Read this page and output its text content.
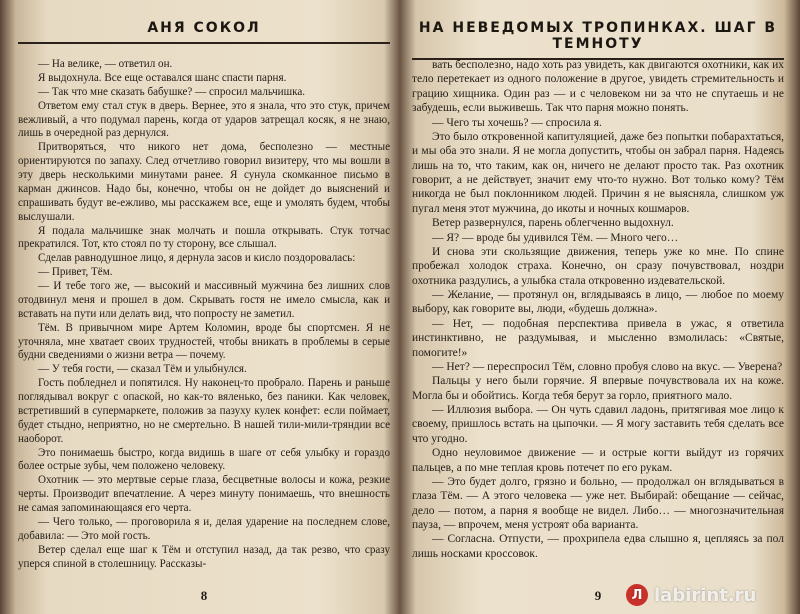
АНЯ СОКОЛ

— На велике, — ответил он.

Я выдохнула. Все еще оставался шанс спасти парня.

— Так что мне сказать бабушке? — спросил мальчишка.

Ответом ему стал стук в дверь. Вернее, это я знала, что это стук, причем вежливый, а что подумал парень, когда от ударов затрещал косяк, я не знаю, лишь в очередной раз дернулся.

Притворяться, что никого нет дома, бесполезно — местные ориентируются по запаху. След отчетливо говорил визитеру, что мы вошли в эту дверь несколькими минутами ранее. Я сунула скомканное письмо в карман джинсов. Надо бы, конечно, чтобы он не дойдет до выяснений и спрашивать будут ве-ежливо, мы расскажем все, еще и умолять будем, чтобы выслушали.

Я подала мальчишке знак молчать и пошла открывать. Стук тотчас прекратился. Тот, кто стоял по ту сторону, все слышал.

Сделав равнодушное лицо, я дернула засов и кисло поздоровалась:

— Привет, Тём.

— И тебе того же, — высокий и массивный мужчина без лишних слов отодвинул меня и прошел в дом. Скрывать гостя не имело смысла, как и вставать на пути или делать вид, что попросту не заметил.

Тём. В привычном мире Артем Коломин, вроде бы спортсмен. Я не уточняла, мне хватает своих трудностей, чтобы вникать в проблемы в серые будни сведениями о жизни ветра — почему.

— У тебя гости, — сказал Тём и улыбнулся.

Гость побледнел и попятился. Ну наконец-то пробрало. Парень и раньше поглядывал вокруг с опаской, но как-то вяленько, без паники. Как человек, встретивший в супермаркете, положив за пазуху кулек конфет: если поймает, будет стыдно, неприятно, но не смертельно. В нашей тили-мили-тряндии все наоборот.

Это понимаешь быстро, когда видишь в шаге от себя улыбку и гораздо более острые зубы, чем положено человеку.

Охотник — это мертвые серые глаза, бесцветные волосы и кожа, резкие черты. Производит впечатление. А через минуту понимаешь, что внешность не самая запоминающаяся его черта.

— Чего только, — проговорила я и, делая ударение на последнем слове, добавила: — Это мой гость.

Ветер сделал еще шаг к Тём и отступил назад, да так резво, что сразу уперся спиной в столешницу. Рассказы-

8
НА НЕВЕДОМЫХ ТРОПИНКАХ. ШАГ В ТЕМНОТУ

вать бесполезно, надо хоть раз увидеть, как двигаются охотники, как их тело перетекает из одного положение в другое, увидеть стремительность и грацию хищника. Один раз — и с человеком ни за что не спутаешь и не забудешь, если выживешь. Так что парня можно понять.

— Чего ты хочешь? — спросила я.

Это было откровенной капитуляцией, даже без попытки побарахтаться, и мы оба это знали. Я не могла допустить, чтобы он забрал парня. Надеясь лишь на то, что таким, как он, ничего не делают просто так. Раз охотник говорит, а не действует, значит ему что-то нужно. Вот только кому? Тём никогда не был поклонником людей. Причин я не выясняла, слишком уж пугал меня этот мужчина, до икоты и ночных кошмаров.

Ветер развернулся, парень облегченно выдохнул.

— Я? — вроде бы удивился Тём. — Много чего…

И снова эти скользящие движения, теперь уже ко мне. По спине пробежал холодок страха. Конечно, он сразу почувствовал, ноздри охотника раздулись, а улыбка стала откровенно издевательской.

— Желание, — протянул он, вглядываясь в лицо, — любое по моему выбору, как говорите вы, люди, «будешь должна».

— Нет, — подобная перспектива привела в ужас, я ответила инстинктивно, не раздумывая, и мысленно взмолилась: «Святые, помогите!»

— Нет? — переспросил Тём, словно пробуя слово на вкус. — Уверена?

Пальцы у него были горячие. Я впервые почувствовала их на коже. Могла бы и обойтись. Когда тебя берут за горло, приятного мало.

— Иллюзия выбора. — Он чуть сдавил ладонь, притягивая мое лицо к своему, пришлось встать на цыпочки. — Я могу заставить тебя сделать все что угодно.

Одно неуловимое движение — и острые когти выйдут из горячих пальцев, а по мне теплая кровь потечет по его рукам.

— Это будет долго, грязно и больно, — продолжал он вглядываться в глаза Тём. — А этого человека — уже нет. Выбирай: обещание — сейчас, дело — потом, а парня я вообще не видел. Либо… — многозначительная пауза, — впрочем, меня устроят оба варианта.

— Согласна. Отпусти, — прохрипела едва слышно я, цепляясь за пол лишь носками кроссовок.

9	Л labirint.ru
